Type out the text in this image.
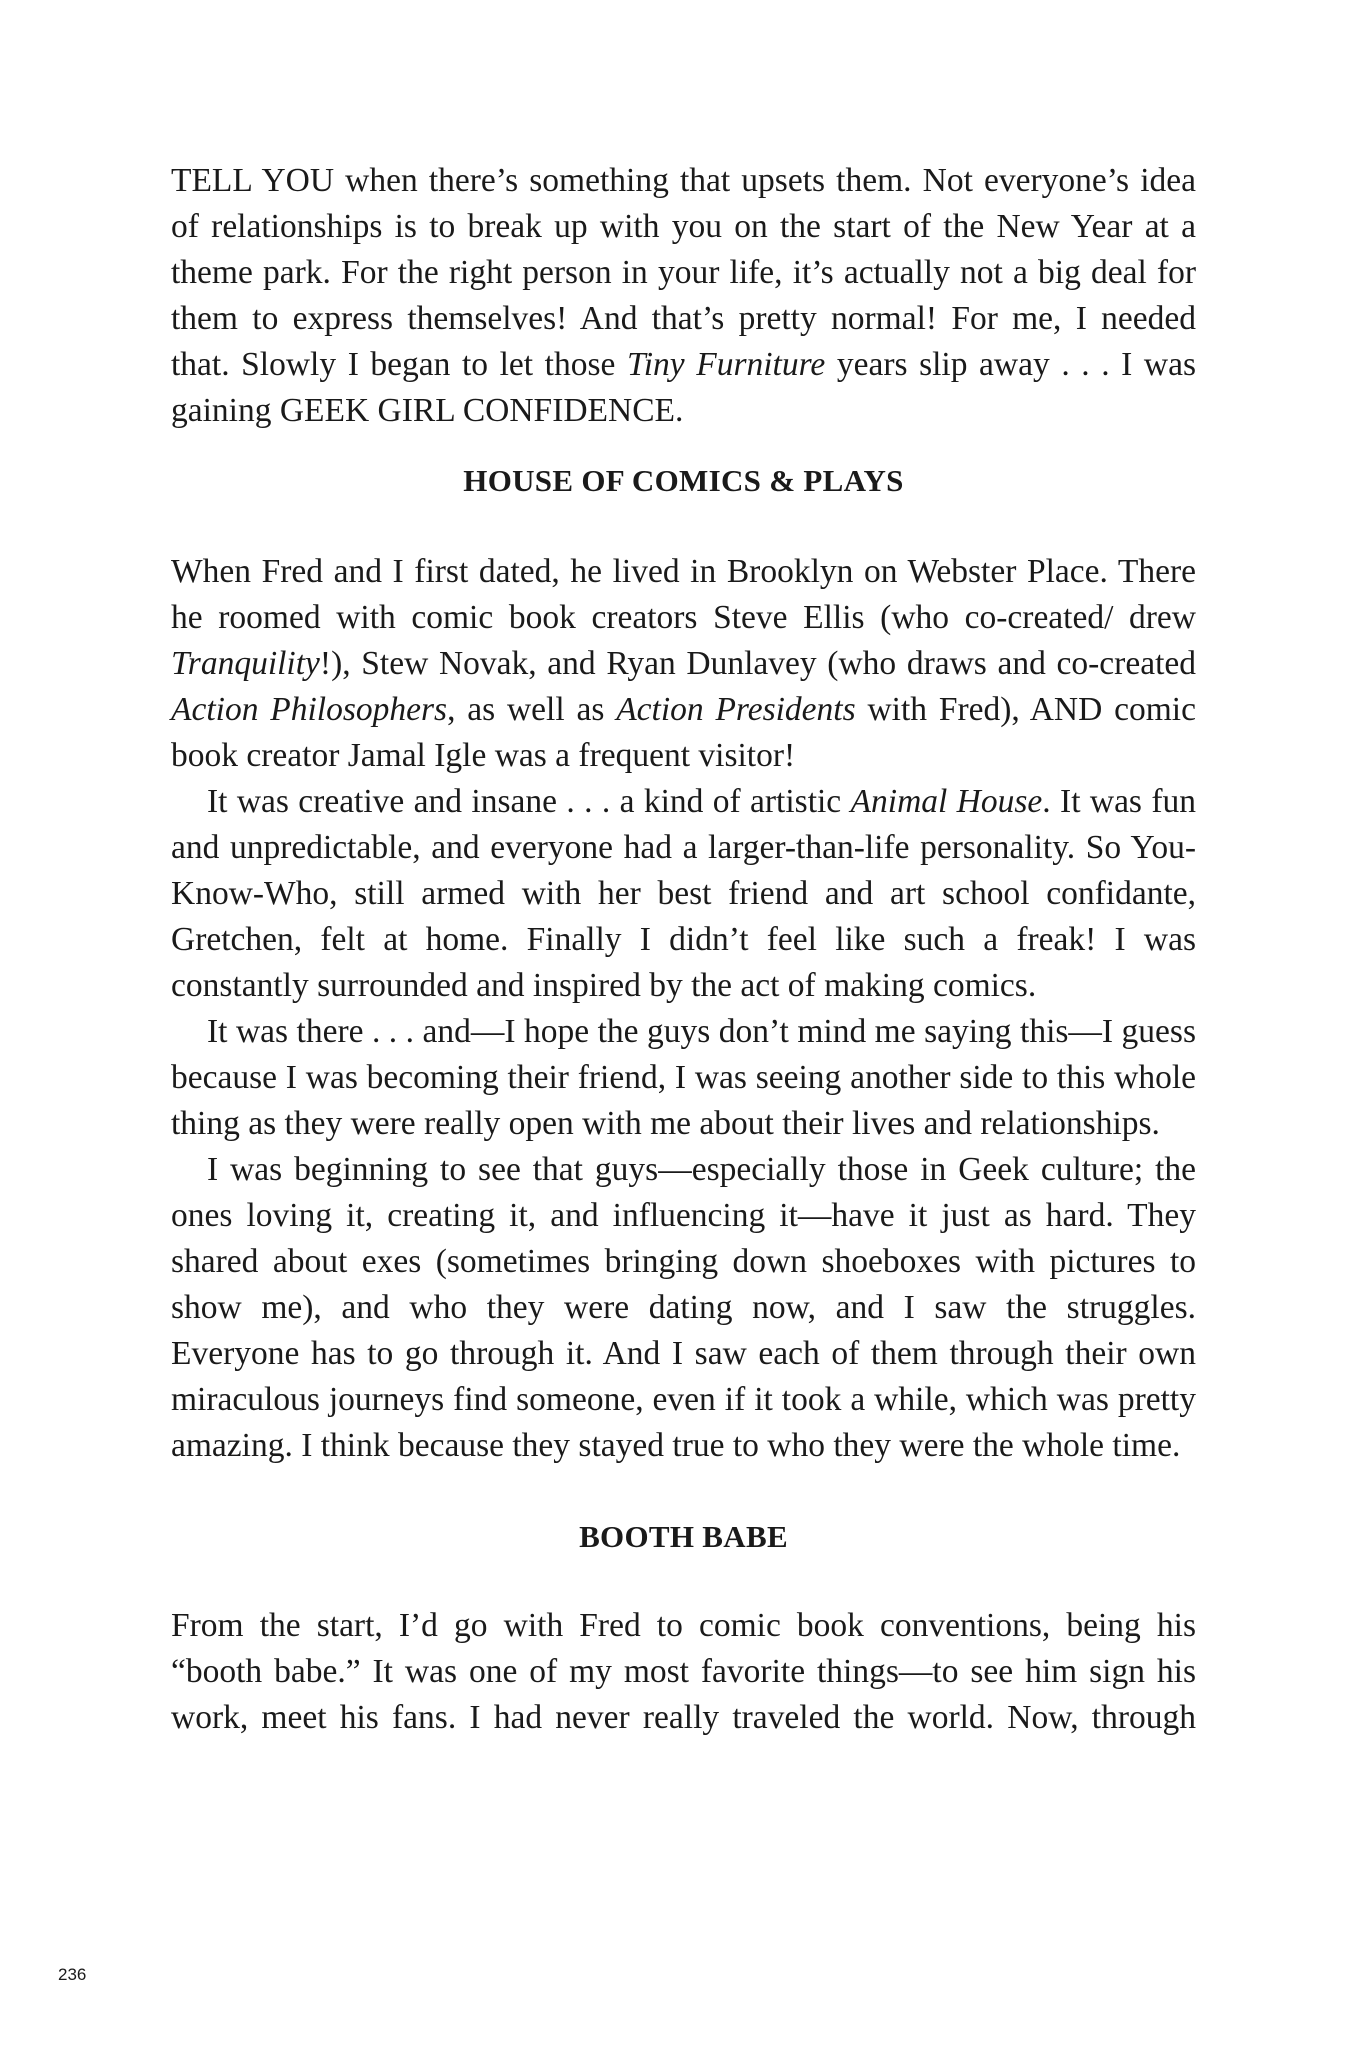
TELL YOU when there’s something that upsets them. Not everyone’s idea of relationships is to break up with you on the start of the New Year at a theme park. For the right person in your life, it’s actually not a big deal for them to express themselves! And that’s pretty normal! For me, I needed that. Slowly I began to let those Tiny Furniture years slip away . . . I was gaining GEEK GIRL CONFIDENCE.

HOUSE OF COMICS & PLAYS

When Fred and I first dated, he lived in Brooklyn on Webster Place. There he roomed with comic book creators Steve Ellis (who co-created/ drew Tranquility!), Stew Novak, and Ryan Dunlavey (who draws and co-created Action Philosophers, as well as Action Presidents with Fred), AND comic book creator Jamal Igle was a frequent visitor!

It was creative and insane . . . a kind of artistic Animal House. It was fun and unpredictable, and everyone had a larger-than-life personality. So You-Know-Who, still armed with her best friend and art school confidante, Gretchen, felt at home. Finally I didn’t feel like such a freak! I was constantly surrounded and inspired by the act of making comics.

It was there . . . and—I hope the guys don’t mind me saying this—I guess because I was becoming their friend, I was seeing another side to this whole thing as they were really open with me about their lives and relationships.

I was beginning to see that guys—especially those in Geek culture; the ones loving it, creating it, and influencing it—have it just as hard. They shared about exes (sometimes bringing down shoeboxes with pictures to show me), and who they were dating now, and I saw the struggles. Everyone has to go through it. And I saw each of them through their own miraculous journeys find someone, even if it took a while, which was pretty amazing. I think because they stayed true to who they were the whole time.

BOOTH BABE

From the start, I’d go with Fred to comic book conventions, being his “booth babe.” It was one of my most favorite things—to see him sign his work, meet his fans. I had never really traveled the world. Now, through

236
